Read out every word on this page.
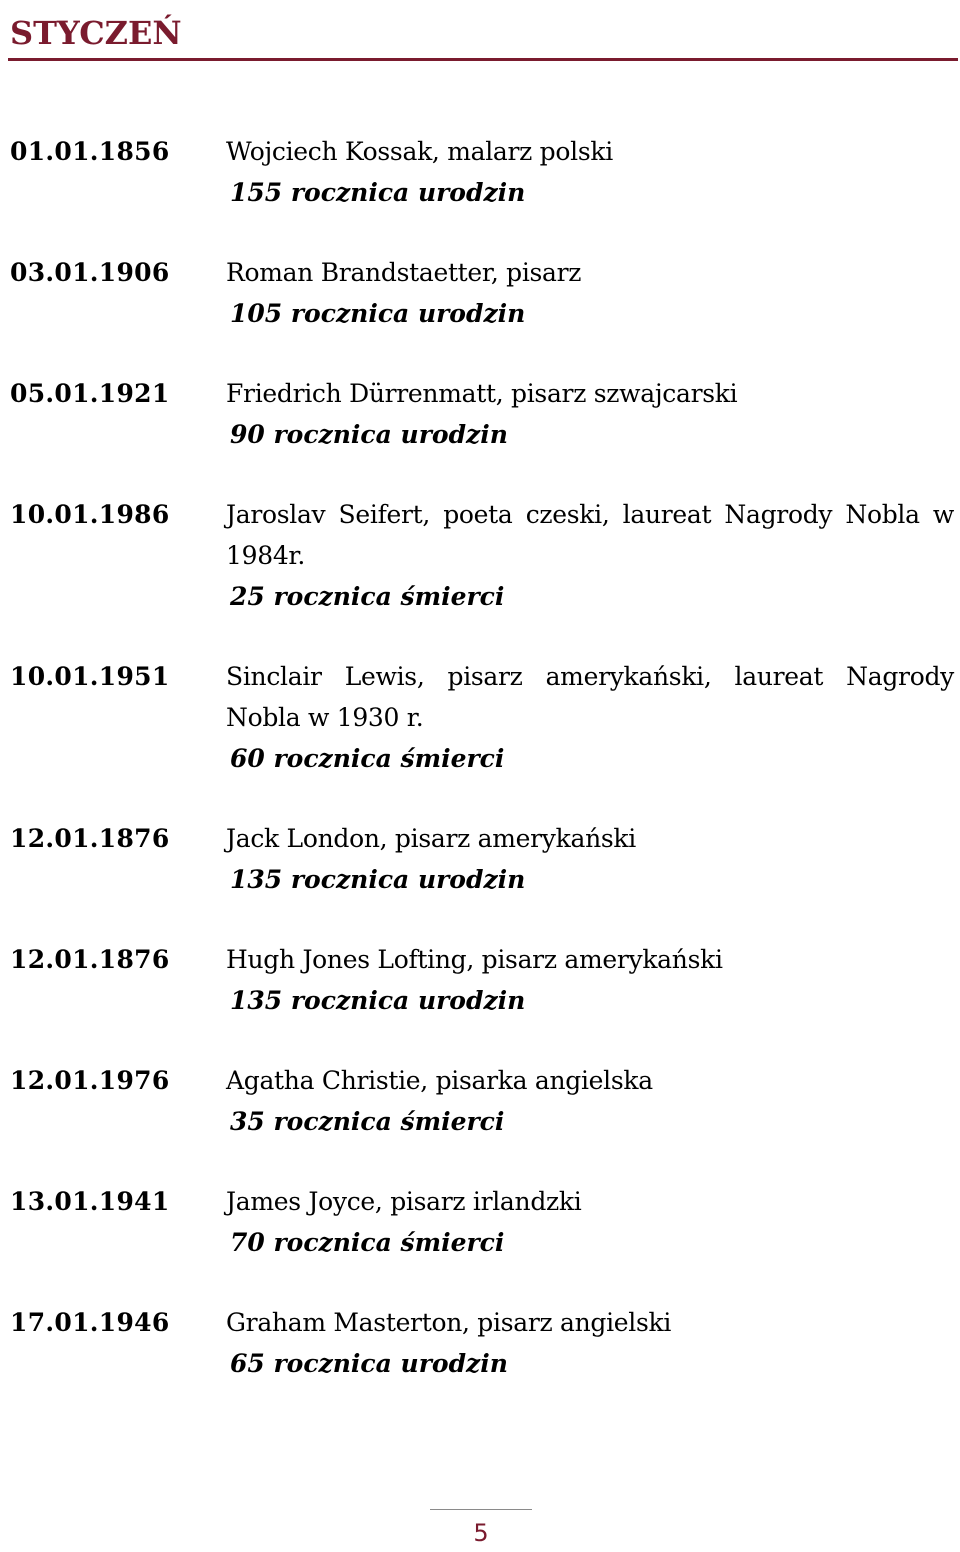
STYCZEŃ
01.01.1856	Wojciech Kossak, malarz polski
155 rocznica urodzin
03.01.1906	Roman Brandstaetter, pisarz
105 rocznica urodzin
05.01.1921	Friedrich Dürrenmatt, pisarz szwajcarski
90 rocznica urodzin
10.01.1986	Jaroslav Seifert, poeta czeski, laureat Nagrody Nobla w 1984r.
25 rocznica śmierci
10.01.1951	Sinclair Lewis, pisarz amerykański, laureat Nagrody Nobla w 1930 r.
60 rocznica śmierci
12.01.1876	Jack London, pisarz amerykański
135 rocznica urodzin
12.01.1876	Hugh Jones Lofting, pisarz amerykański
135 rocznica urodzin
12.01.1976	Agatha Christie, pisarka angielska
35 rocznica śmierci
13.01.1941	James Joyce, pisarz irlandzki
70 rocznica śmierci
17.01.1946	Graham Masterton, pisarz angielski
65 rocznica urodzin
5
